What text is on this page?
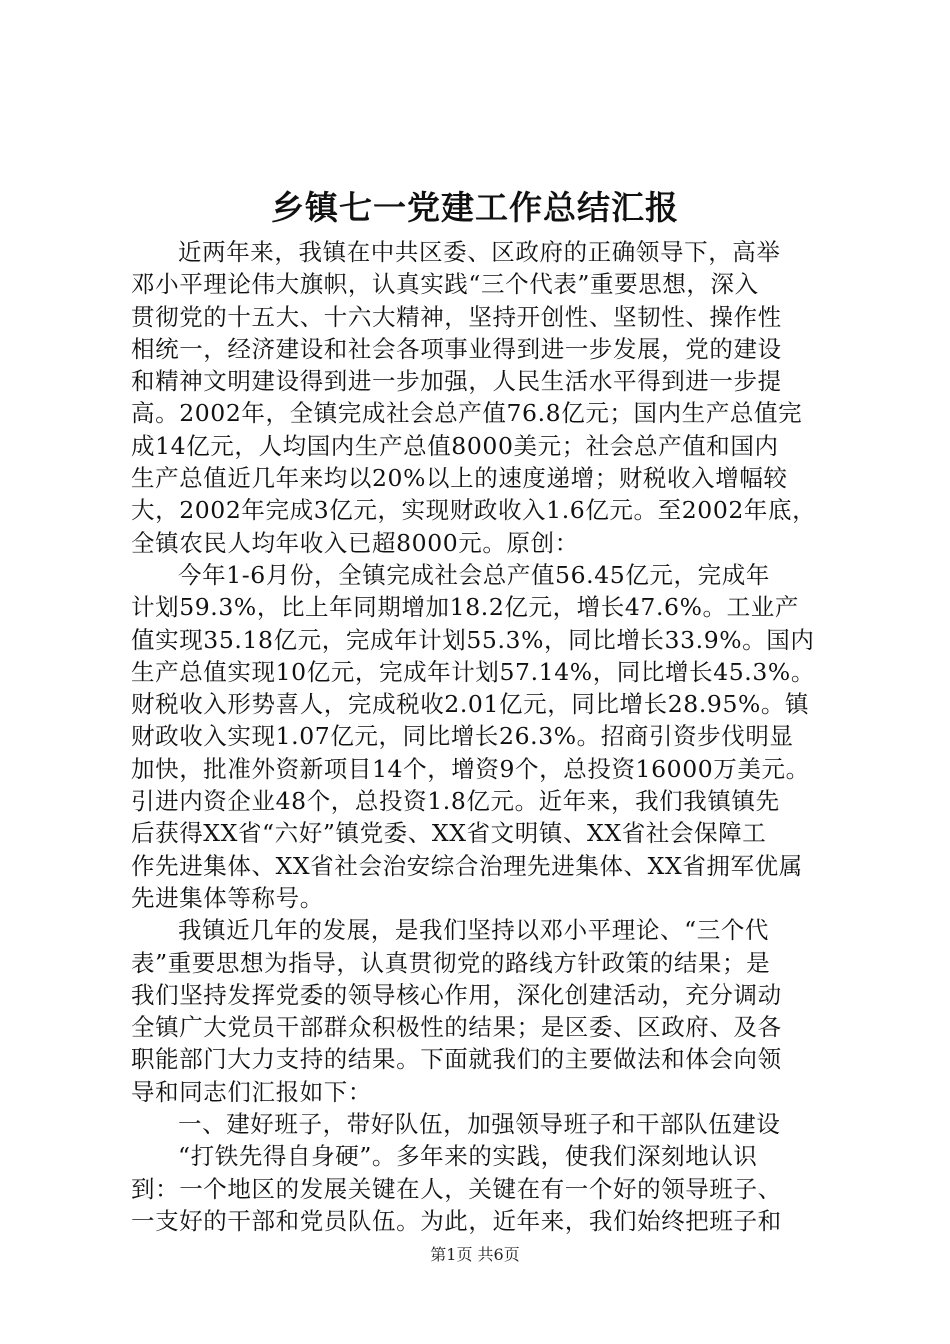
乡镇七一党建工作总结汇报
近两年来，我镇在中共区委、区政府的正确领导下，高举
邓小平理论伟大旗帜，认真实践“三个代表”重要思想，深入
贯彻党的十五大、十六大精神，坚持开创性、坚韧性、操作性
相统一，经济建设和社会各项事业得到进一步发展，党的建设
和精神文明建设得到进一步加强，人民生活水平得到进一步提
高。2002年，全镇完成社会总产值76.8亿元；国内生产总值完
成14亿元，人均国内生产总值8000美元；社会总产值和国内
生产总值近几年来均以20%以上的速度递增；财税收入增幅较
大，2002年完成3亿元，实现财政收入1.6亿元。至2002年底，
全镇农民人均年收入已超8000元。原创：
今年1-6月份，全镇完成社会总产值56.45亿元，完成年
计划59.3%，比上年同期增加18.2亿元，增长47.6%。工业产
值实现35.18亿元，完成年计划55.3%，同比增长33.9%。国内
生产总值实现10亿元，完成年计划57.14%，同比增长45.3%。
财税收入形势喜人，完成税收2.01亿元，同比增长28.95%。镇
财政收入实现1.07亿元，同比增长26.3%。招商引资步伐明显
加快，批准外资新项目14个，增资9个，总投资16000万美元。
引进内资企业48个，总投资1.8亿元。近年来，我们我镇镇先
后获得XX省“六好”镇党委、XX省文明镇、XX省社会保障工
作先进集体、XX省社会治安综合治理先进集体、XX省拥军优属
先进集体等称号。
我镇近几年的发展，是我们坚持以邓小平理论、“三个代
表”重要思想为指导，认真贯彻党的路线方针政策的结果；是
我们坚持发挥党委的领导核心作用，深化创建活动，充分调动
全镇广大党员干部群众积极性的结果；是区委、区政府、及各
职能部门大力支持的结果。下面就我们的主要做法和体会向领
导和同志们汇报如下：
一、建好班子，带好队伍，加强领导班子和干部队伍建设
“打铁先得自身硬”。多年来的实践，使我们深刻地认识
到：一个地区的发展关键在人，关键在有一个好的领导班子、
一支好的干部和党员队伍。为此，近年来，我们始终把班子和
第1页 共6页
